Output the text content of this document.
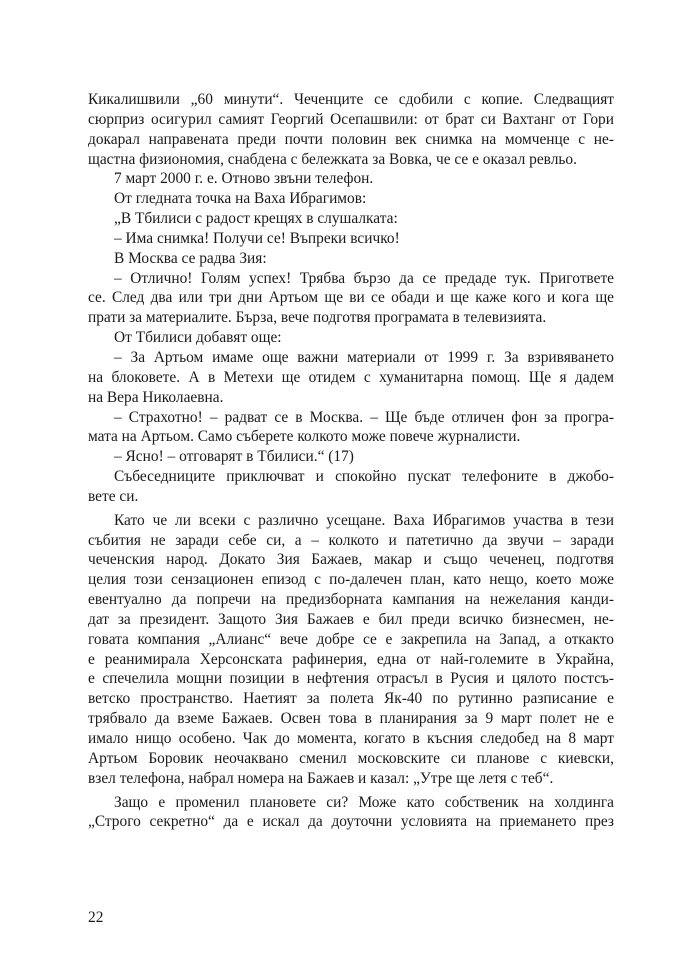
Кикалишвили „60 минути“. Чеченците се сдобили с копие. Следващият
сюрприз осигурил самият Георгий Осепашвили: от брат си Вахтанг от Гори
докарал направената преди почти половин век снимка на момченце с не-
щастна физиономия, снабдена с бележката за Вовка, че се е оказал ревльо.
7 март 2000 г. е. Отново звъни телефон.
От гледната точка на Ваха Ибрагимов:
„В Тбилиси с радост крещях в слушалката:
– Има снимка! Получи се! Въпреки всичко!
В Москва се радва Зия:
– Отлично! Голям успех! Трябва бързо да се предаде тук. Пригответе
се. След два или три дни Артьом ще ви се обади и ще каже кого и кога ще
прати за материалите. Бърза, вече подготвя програмата в телевизията.
От Тбилиси добавят още:
– За Артьом имаме още важни материали от 1999 г. За взривяването
на блоковете. А в Метехи ще отидем с хуманитарна помощ. Ще я дадем
на Вера Николаевна.
– Страхотно! – радват се в Москва. – Ще бъде отличен фон за програ-
мата на Артьом. Само съберете колкото може повече журналисти.
– Ясно! – отговарят в Тбилиси.“ (17)
Събеседниците приключват и спокойно пускат телефоните в джобо-
вете си.
Като че ли всеки с различно усещане. Ваха Ибрагимов участва в тези
събития не заради себе си, а – колкото и патетично да звучи – заради
чеченския народ. Докато Зия Бажаев, макар и също чеченец, подготвя
целия този сензационен епизод с по-далечен план, като нещо, което може
евентуално да попречи на предизборната кампания на нежелания канди-
дат за президент. Защото Зия Бажаев е бил преди всичко бизнесмен, не-
говата компания „Алианс“ вече добре се е закрепила на Запад, а откакто
е реанимирала Херсонската рафинерия, една от най-големите в Украйна,
е спечелила мощни позиции в нефтения отрасъл в Русия и цялото постсъ-
ветско пространство. Наетият за полета Як-40 по рутинно разписание е
трябвало да вземе Бажаев. Освен това в планирания за 9 март полет не е
имало нищо особено. Чак до момента, когато в късния следобед на 8 март
Артьом Боровик неочаквано сменил московските си планове с киевски,
взел телефона, набрал номера на Бажаев и казал: „Утре ще летя с теб“.
Защо е променил плановете си? Може като собственик на холдинга
„Строго секретно“ да е искал да доуточни условията на приемането през
22
